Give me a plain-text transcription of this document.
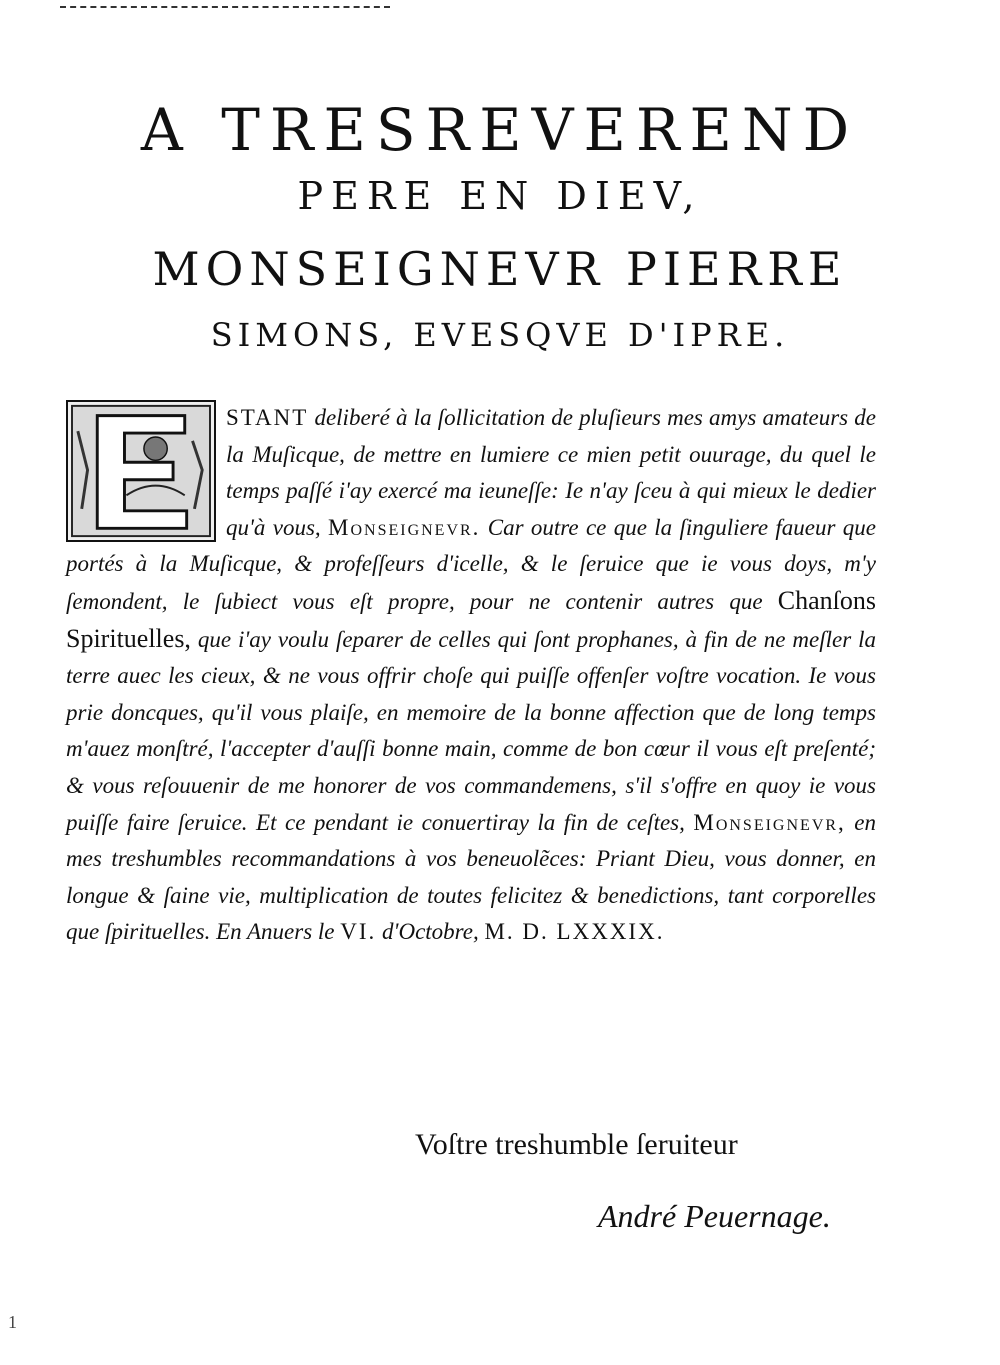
A TRESREVEREND
PERE EN DIEV,
MONSEIGNEVR PIERRE
SIMONS, EVESQVE D'IPRE.
STANT deliberé à la ſollicitation de pluſieurs mes amys amateurs de la Muſicque, de mettre en lumiere ce mien petit ouurage, du quel le temps paſſé i'ay exercé ma ieuneſſe: Ie n'ay ſceu à qui mieux le dedier qu'à vous, Monseignevr. Car outre ce que la ſinguliere faueur que portés à la Muſicque, & profeſſeurs d'icelle, & le ſeruice que ie vous doys, m'y ſemondent, le ſubiect vous eſt propre, pour ne contenir autres que Chanſons Spirituelles, que i'ay voulu ſeparer de celles qui ſont prophanes, à fin de ne meſler la terre auec les cieux, & ne vous offrir choſe qui puiſſe offenſer voſtre vocation. Ie vous prie doncques, qu'il vous plaiſe, en memoire de la bonne affection que de long temps m'auez monſtré, l'accepter d'auſſi bonne main, comme de bon cœur il vous eſt preſenté; & vous reſouuenir de me honorer de vos commandemens, s'il s'offre en quoy ie vous puiſſe faire ſeruice. Et ce pendant ie conuertiray la fin de ceſtes, Monseignevr, en mes treshumbles recommandations à vos beneuolẽces: Priant Dieu, vous donner, en longue & ſaine vie, multiplication de toutes felicitez & benedictions, tant corporelles que ſpirituelles. En Anuers le VI. d'Octobre, M. D. LXXXIX.
Voſtre treshumble ſeruiteur
André Peuernage.
1
